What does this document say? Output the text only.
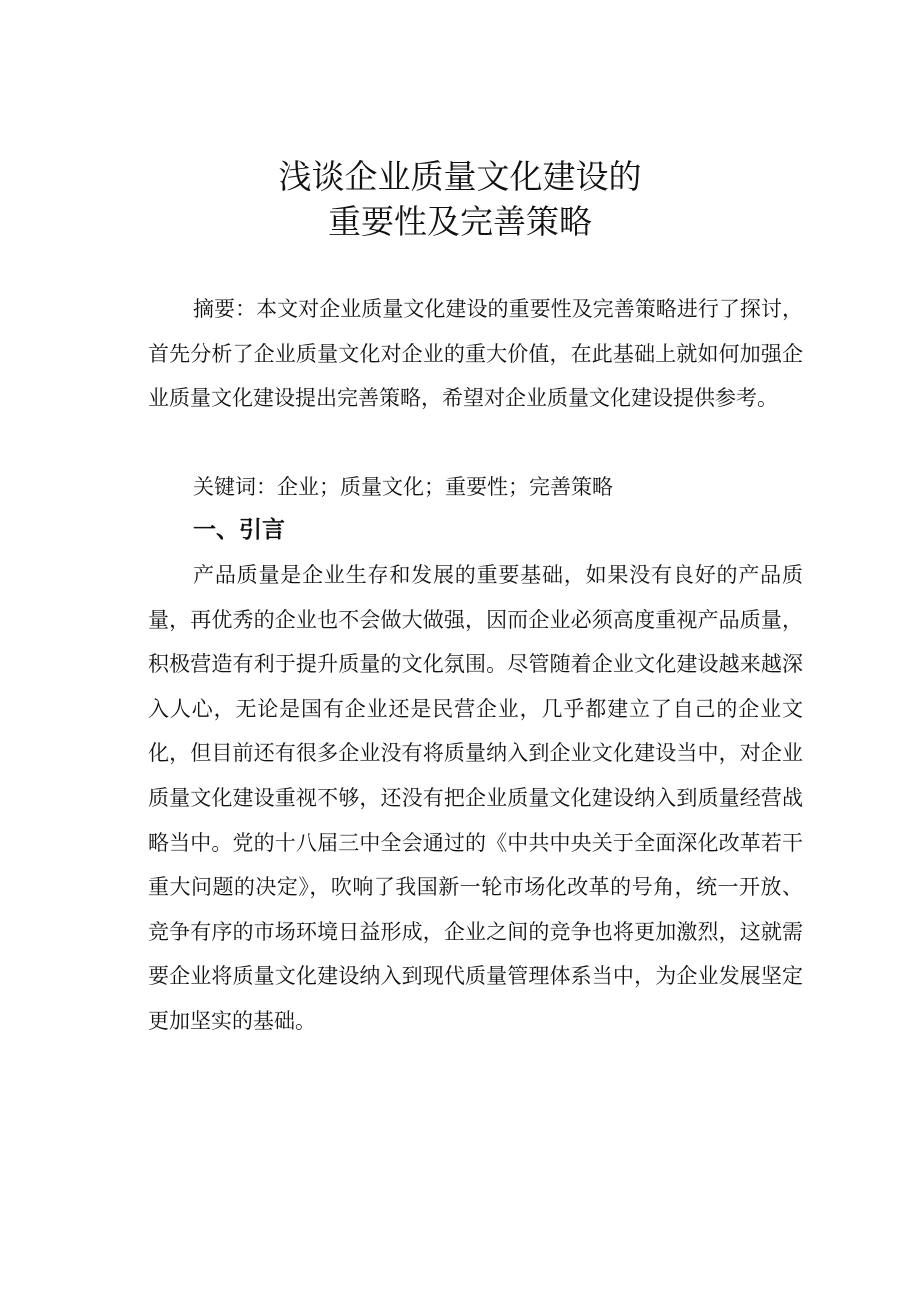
浅谈企业质量文化建设的
重要性及完善策略

摘要：本文对企业质量文化建设的重要性及完善策略进行了探讨，首先分析了企业质量文化对企业的重大价值，在此基础上就如何加强企业质量文化建设提出完善策略，希望对企业质量文化建设提供参考。

关键词：企业；质量文化；重要性；完善策略

一、引言

产品质量是企业生存和发展的重要基础，如果没有良好的产品质量，再优秀的企业也不会做大做强，因而企业必须高度重视产品质量，积极营造有利于提升质量的文化氛围。尽管随着企业文化建设越来越深入人心，无论是国有企业还是民营企业，几乎都建立了自己的企业文化，但目前还有很多企业没有将质量纳入到企业文化建设当中，对企业质量文化建设重视不够，还没有把企业质量文化建设纳入到质量经营战略当中。党的十八届三中全会通过的《中共中央关于全面深化改革若干重大问题的决定》，吹响了我国新一轮市场化改革的号角，统一开放、竞争有序的市场环境日益形成，企业之间的竞争也将更加激烈，这就需要企业将质量文化建设纳入到现代质量管理体系当中，为企业发展坚定更加坚实的基础。
